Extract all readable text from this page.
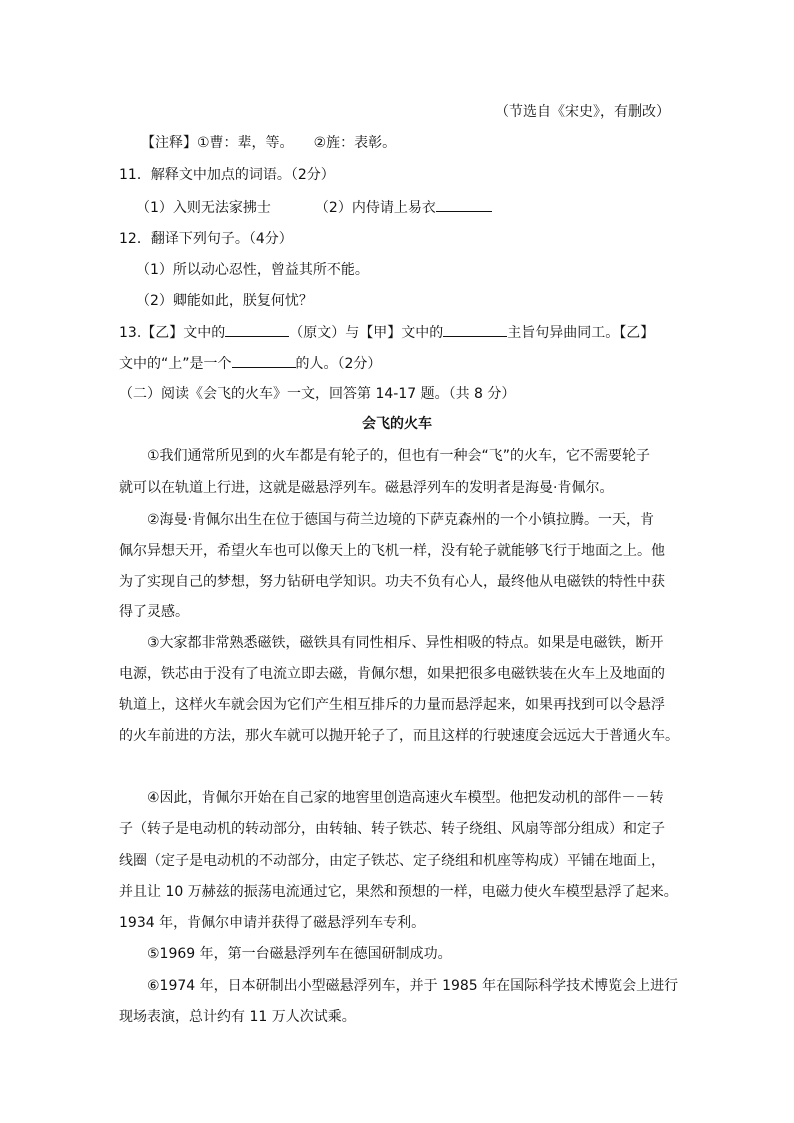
（节选自《宋史》，有删改）
【注释】①曹：辈，等。 ②旌：表彰。
11．解释文中加点的词语。（2分）
（1）入则无法家拂士	（2）内侍请上易衣
12．翻译下列句子。（4分）
（1）所以动心忍性，曾益其所不能。
（2）卿能如此，朕复何忧？
13.【乙】文中的	（原文）与【甲】文中的	主旨句异曲同工。【乙】
文中的“上”是一个	的人。（2分）
（二）阅读《会飞的火车》一文，回答第 14-17 题。（共 8 分）
会飞的火车
①我们通常所见到的火车都是有轮子的，但也有一种会“飞”的火车，它不需要轮子
就可以在轨道上行进，这就是磁悬浮列车。磁悬浮列车的发明者是海曼·肯佩尔。
②海曼·肯佩尔出生在位于德国与荷兰边境的下萨克森州的一个小镇拉腾。一天，肯
佩尔异想天开，希望火车也可以像天上的飞机一样，没有轮子就能够飞行于地面之上。他
为了实现自己的梦想，努力钻研电学知识。功夫不负有心人，最终他从电磁铁的特性中获
得了灵感。
③大家都非常熟悉磁铁，磁铁具有同性相斥、异性相吸的特点。如果是电磁铁，断开
电源，铁芯由于没有了电流立即去磁，肯佩尔想，如果把很多电磁铁装在火车上及地面的
轨道上，这样火车就会因为它们产生相互排斥的力量而悬浮起来，如果再找到可以令悬浮
的火车前进的方法，那火车就可以抛开轮子了，而且这样的行驶速度会远远大于普通火车。
④因此，肯佩尔开始在自己家的地窖里创造高速火车模型。他把发动机的部件－－转
子（转子是电动机的转动部分，由转轴、转子铁芯、转子绕组、风扇等部分组成）和定子
线圈（定子是电动机的不动部分，由定子铁芯、定子绕组和机座等构成）平铺在地面上，
并且让 10 万赫兹的振荡电流通过它，果然和预想的一样，电磁力使火车模型悬浮了起来。
1934 年，肯佩尔申请并获得了磁悬浮列车专利。
⑤1969 年，第一台磁悬浮列车在德国研制成功。
⑥1974 年，日本研制出小型磁悬浮列车，并于 1985 年在国际科学技术博览会上进行
现场表演，总计约有 11 万人次试乘。
